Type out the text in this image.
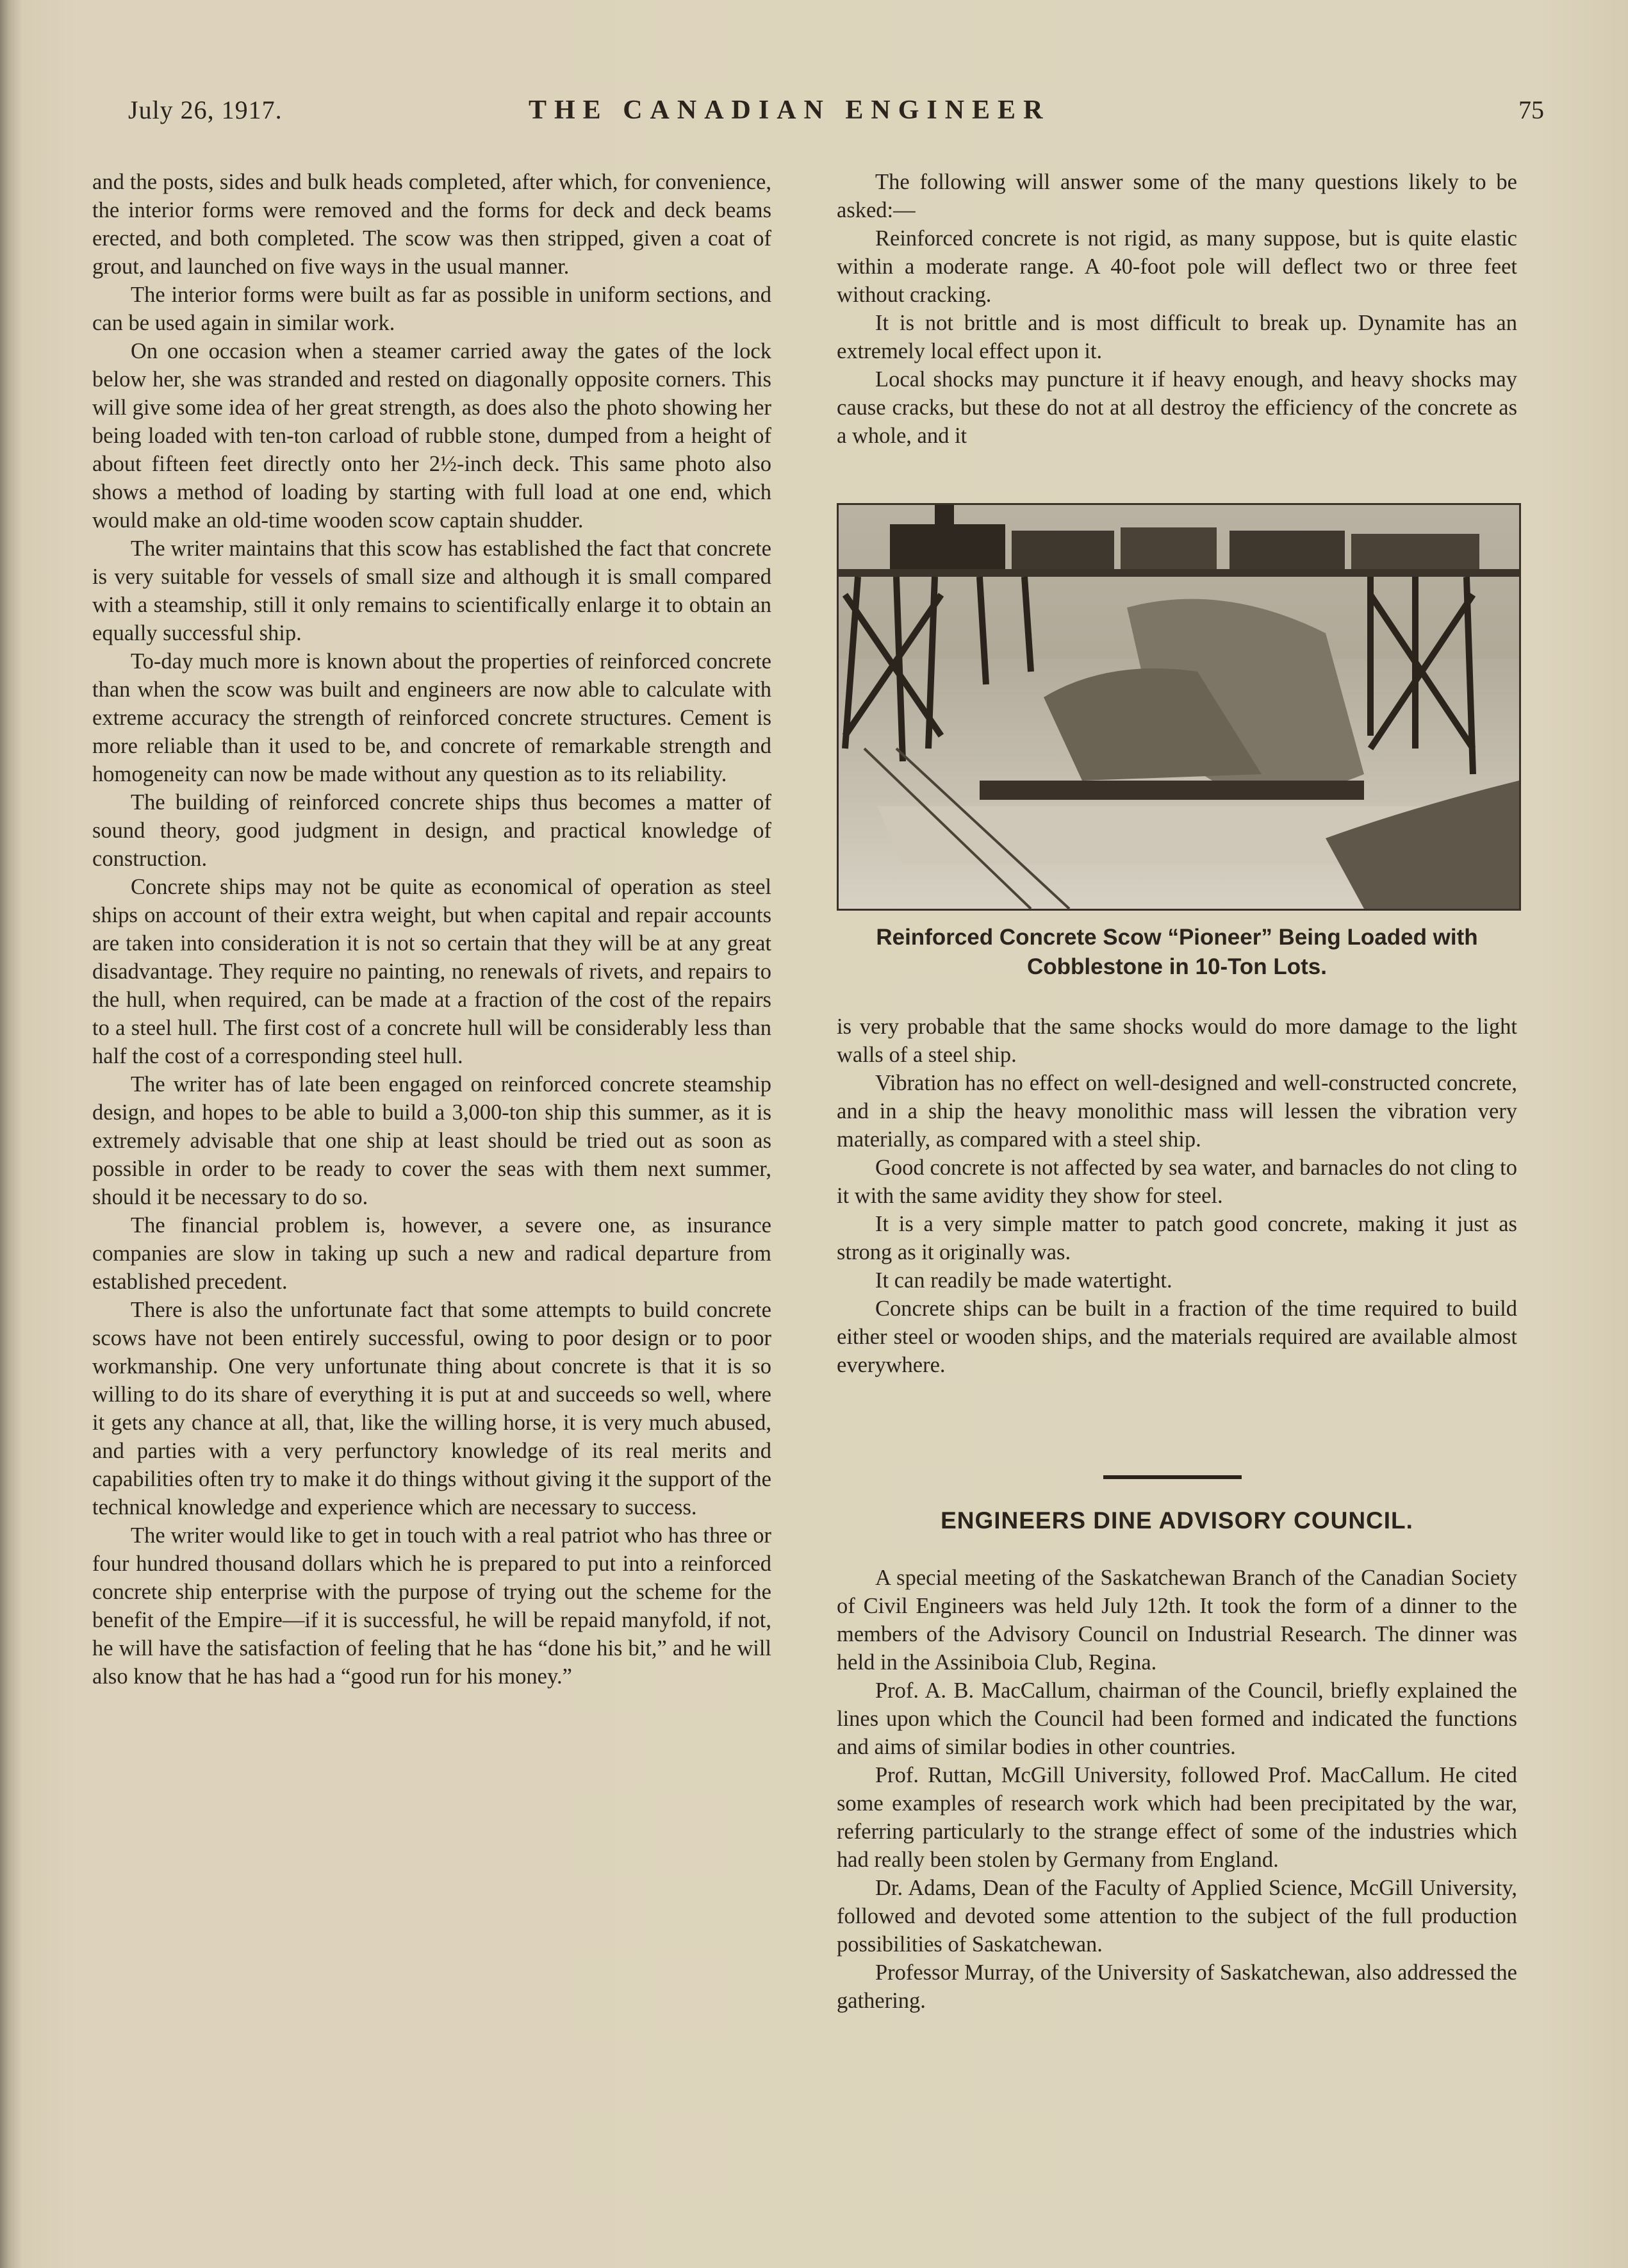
July 26, 1917.	THE CANADIAN ENGINEER	75

and the posts, sides and bulk heads completed, after which, for convenience, the interior forms were removed and the forms for deck and deck beams erected, and both completed. The scow was then stripped, given a coat of grout, and launched on five ways in the usual manner.

The interior forms were built as far as possible in uniform sections, and can be used again in similar work.

On one occasion when a steamer carried away the gates of the lock below her, she was stranded and rested on diagonally opposite corners. This will give some idea of her great strength, as does also the photo showing her being loaded with ten-ton carload of rubble stone, dumped from a height of about fifteen feet directly onto her 2½-inch deck. This same photo also shows a method of loading by starting with full load at one end, which would make an old-time wooden scow captain shudder.

The writer maintains that this scow has established the fact that concrete is very suitable for vessels of small size and although it is small compared with a steamship, still it only remains to scientifically enlarge it to obtain an equally successful ship.

To-day much more is known about the properties of reinforced concrete than when the scow was built and engineers are now able to calculate with extreme accuracy the strength of reinforced concrete structures. Cement is more reliable than it used to be, and concrete of remarkable strength and homogeneity can now be made without any question as to its reliability.

The building of reinforced concrete ships thus becomes a matter of sound theory, good judgment in design, and practical knowledge of construction.

Concrete ships may not be quite as economical of operation as steel ships on account of their extra weight, but when capital and repair accounts are taken into consideration it is not so certain that they will be at any great disadvantage. They require no painting, no renewals of rivets, and repairs to the hull, when required, can be made at a fraction of the cost of the repairs to a steel hull. The first cost of a concrete hull will be considerably less than half the cost of a corresponding steel hull.

The writer has of late been engaged on reinforced concrete steamship design, and hopes to be able to build a 3,000-ton ship this summer, as it is extremely advisable that one ship at least should be tried out as soon as possible in order to be ready to cover the seas with them next summer, should it be necessary to do so.

The financial problem is, however, a severe one, as insurance companies are slow in taking up such a new and radical departure from established precedent.

There is also the unfortunate fact that some attempts to build concrete scows have not been entirely successful, owing to poor design or to poor workmanship. One very unfortunate thing about concrete is that it is so willing to do its share of everything it is put at and succeeds so well, where it gets any chance at all, that, like the willing horse, it is very much abused, and parties with a very perfunctory knowledge of its real merits and capabilities often try to make it do things without giving it the support of the technical knowledge and experience which are necessary to success.

The writer would like to get in touch with a real patriot who has three or four hundred thousand dollars which he is prepared to put into a reinforced concrete ship enterprise with the purpose of trying out the scheme for the benefit of the Empire—if it is successful, he will be repaid manyfold, if not, he will have the satisfaction of feeling that he has “done his bit,” and he will also know that he has had a “good run for his money.”

The following will answer some of the many questions likely to be asked:—

Reinforced concrete is not rigid, as many suppose, but is quite elastic within a moderate range. A 40-foot pole will deflect two or three feet without cracking.

It is not brittle and is most difficult to break up. Dynamite has an extremely local effect upon it.

Local shocks may puncture it if heavy enough, and heavy shocks may cause cracks, but these do not at all destroy the efficiency of the concrete as a whole, and it

Reinforced Concrete Scow “Pioneer” Being Loaded with Cobblestone in 10-Ton Lots.

is very probable that the same shocks would do more damage to the light walls of a steel ship.

Vibration has no effect on well-designed and well-constructed concrete, and in a ship the heavy monolithic mass will lessen the vibration very materially, as compared with a steel ship.

Good concrete is not affected by sea water, and barnacles do not cling to it with the same avidity they show for steel.

It is a very simple matter to patch good concrete, making it just as strong as it originally was.

It can readily be made watertight.

Concrete ships can be built in a fraction of the time required to build either steel or wooden ships, and the materials required are available almost everywhere.

ENGINEERS DINE ADVISORY COUNCIL.

A special meeting of the Saskatchewan Branch of the Canadian Society of Civil Engineers was held July 12th. It took the form of a dinner to the members of the Advisory Council on Industrial Research. The dinner was held in the Assiniboia Club, Regina.

Prof. A. B. MacCallum, chairman of the Council, briefly explained the lines upon which the Council had been formed and indicated the functions and aims of similar bodies in other countries.

Prof. Ruttan, McGill University, followed Prof. MacCallum. He cited some examples of research work which had been precipitated by the war, referring particularly to the strange effect of some of the industries which had really been stolen by Germany from England.

Dr. Adams, Dean of the Faculty of Applied Science, McGill University, followed and devoted some attention to the subject of the full production possibilities of Saskatchewan.

Professor Murray, of the University of Saskatchewan, also addressed the gathering.
